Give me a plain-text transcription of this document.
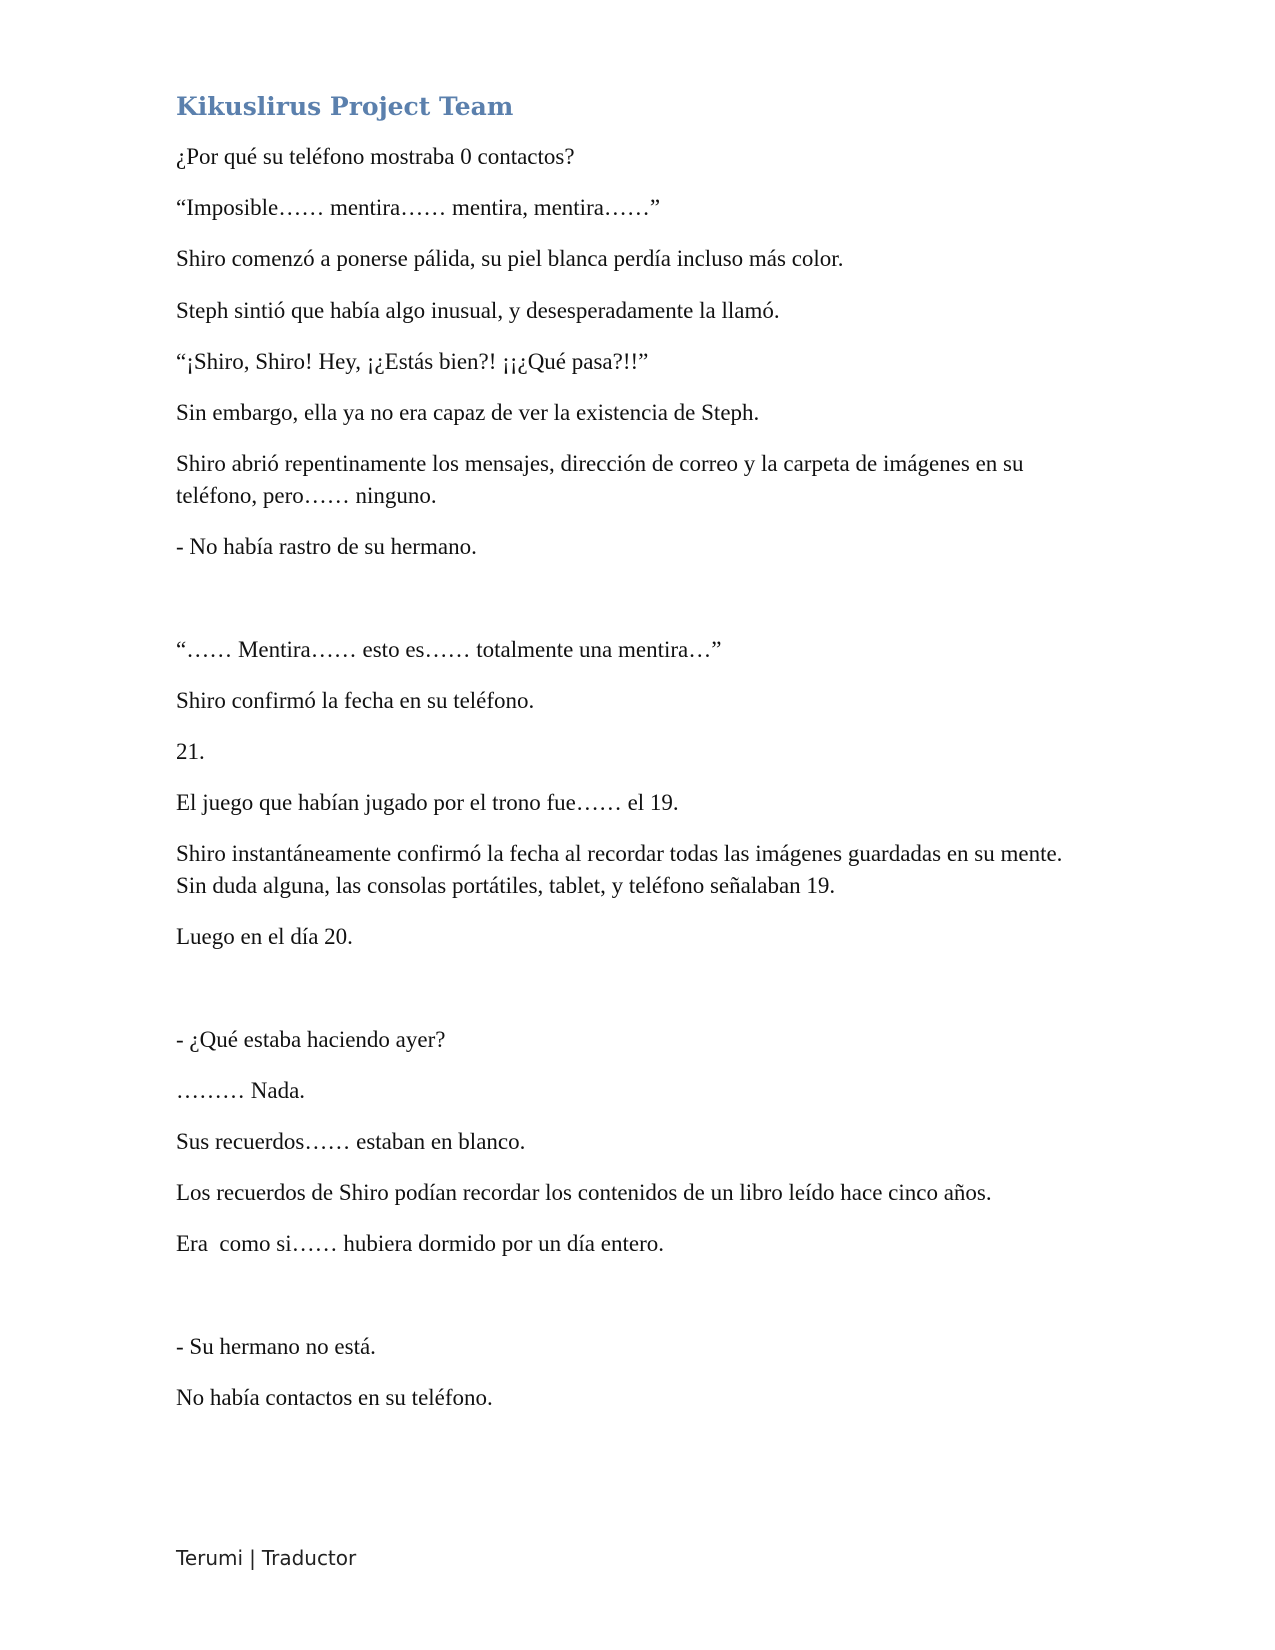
Kikuslirus Project Team

¿Por qué su teléfono mostraba 0 contactos?

“Imposible…… mentira…… mentira, mentira……”

Shiro comenzó a ponerse pálida, su piel blanca perdía incluso más color.

Steph sintió que había algo inusual, y desesperadamente la llamó.

“¡Shiro, Shiro! Hey, ¡¿Estás bien?! ¡¡¿Qué pasa?!!”

Sin embargo, ella ya no era capaz de ver la existencia de Steph.

Shiro abrió repentinamente los mensajes, dirección de correo y la carpeta de imágenes en su teléfono, pero…… ninguno.

- No había rastro de su hermano.

“…… Mentira…… esto es…… totalmente una mentira…”

Shiro confirmó la fecha en su teléfono.

21.

El juego que habían jugado por el trono fue…… el 19.

Shiro instantáneamente confirmó la fecha al recordar todas las imágenes guardadas en su mente. Sin duda alguna, las consolas portátiles, tablet, y teléfono señalaban 19.

Luego en el día 20.

- ¿Qué estaba haciendo ayer?

……… Nada.

Sus recuerdos…… estaban en blanco.

Los recuerdos de Shiro podían recordar los contenidos de un libro leído hace cinco años.

Era  como si…… hubiera dormido por un día entero.

- Su hermano no está.

No había contactos en su teléfono.

Terumi | Traductor
